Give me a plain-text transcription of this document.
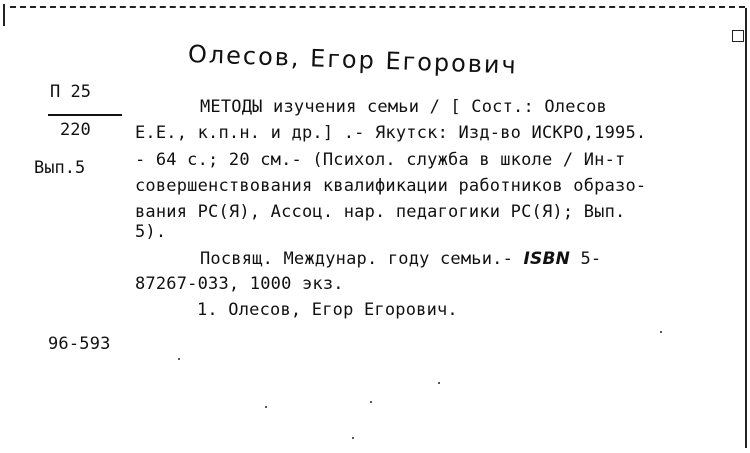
Олесов, Егор Егорович
П 25
220
Вып.5
МЕТОДЫ изучения семьи / [ Сост.: Олесов
Е.Е., к.п.н. и др.] .- Якутск: Изд-во ИСКРО,1995.
- 64 с.; 20 см.- (Психол. служба в школе / Ин-т
совершенствования квалификации работников образо-
вания РС(Я), Ассоц. нар. педагогики РС(Я); Вып.
5).
Посвящ. Междунар. году семьи.- ISBN 5-
87267-033, 1000 экз.
1. Олесов, Егор Егорович.
96-593
